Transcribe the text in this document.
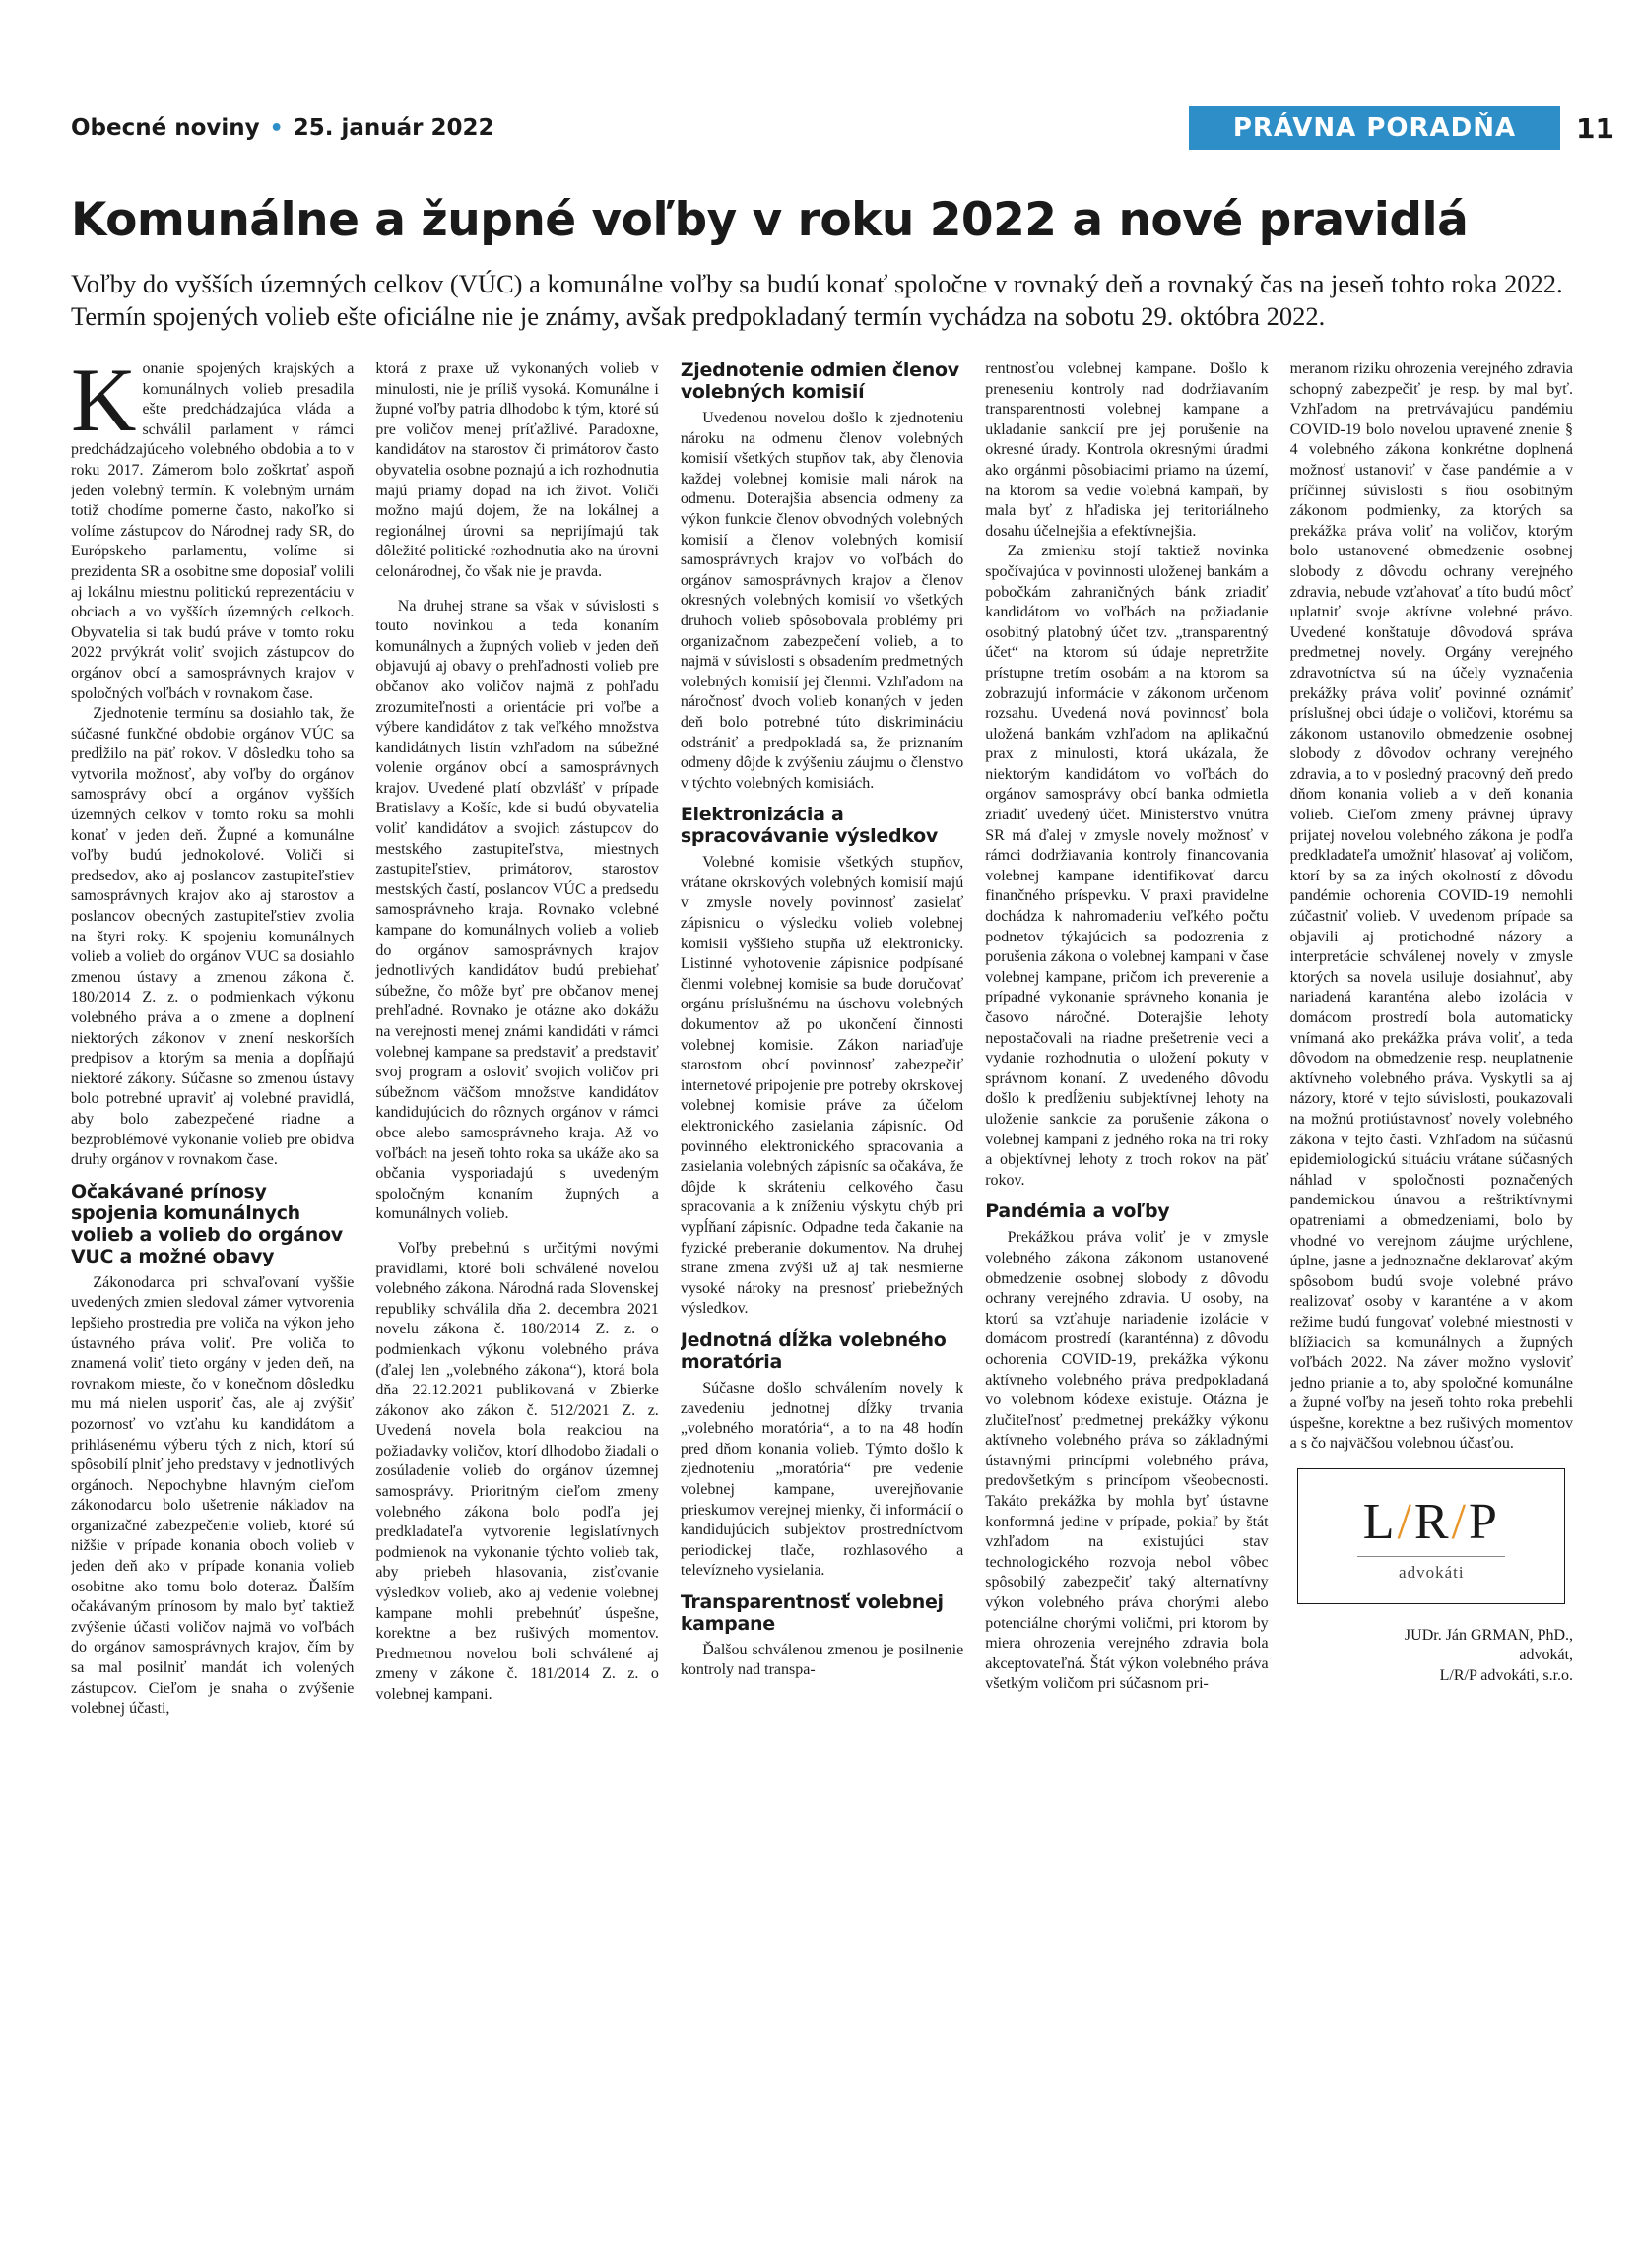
Obecné noviny • 25. január 2022	PRÁVNA PORADŇA	11
Komunálne a župné voľby v roku 2022 a nové pravidlá

Voľby do vyšších územných celkov (VÚC) a komunálne voľby sa budú konať spoločne v rovnaký deň a rovnaký čas na jeseň tohto roka 2022. Termín spojených volieb ešte oficiálne nie je známy, avšak predpokladaný termín vychádza na sobotu 29. októbra 2022.

Konanie spojených krajských a komunálnych volieb presadila ešte predchádzajúca vláda a schválil parlament v rámci predchádzajúceho volebného obdobia a to v roku 2017. Zámerom bolo zoškrtať aspoň jeden volebný termín. K volebným urnám totiž chodíme pomerne často, nakoľko si volíme zástupcov do Národnej rady SR, do Európskeho parlamentu, volíme si prezidenta SR a osobitne sme doposiaľ volili aj lokálnu miestnu politickú reprezentáciu v obciach a vo vyšších územných celkoch. Obyvatelia si tak budú práve v tomto roku 2022 prvýkrát voliť svojich zástupcov do orgánov obcí a samosprávnych krajov v spoločných voľbách v rovnakom čase.

Zjednotenie termínu sa dosiahlo tak, že súčasné funkčné obdobie orgánov VÚC sa predĺžilo na päť rokov. V dôsledku toho sa vytvorila možnosť, aby voľby do orgánov samosprávy obcí a orgánov vyšších územných celkov v tomto roku sa mohli konať v jeden deň. Župné a komunálne voľby budú jednokolové. Voliči si predsedov, ako aj poslancov zastupiteľstiev samosprávnych krajov ako aj starostov a poslancov obecných zastupiteľstiev zvolia na štyri roky. K spojeniu komunálnych volieb a volieb do orgánov VUC sa dosiahlo zmenou ústavy a zmenou zákona č. 180/2014 Z. z. o podmienkach výkonu volebného práva a o zmene a doplnení niektorých zákonov v znení neskorších predpisov a ktorým sa menia a dopĺňajú niektoré zákony. Súčasne so zmenou ústavy bolo potrebné upraviť aj volebné pravidlá, aby bolo zabezpečené riadne a bezproblémové vykonanie volieb pre obidva druhy orgánov v rovnakom čase.

Očakávané prínosy spojenia komunálnych volieb a volieb do orgánov VUC a možné obavy

Zákonodarca pri schvaľovaní vyššie uvedených zmien sledoval zámer vytvorenia lepšieho prostredia pre voliča na výkon jeho ústavného práva voliť. Pre voliča to znamená voliť tieto orgány v jeden deň, na rovnakom mieste, čo v konečnom dôsledku mu má nielen usporiť čas, ale aj zvýšiť pozornosť vo vzťahu ku kandidátom a prihlásenému výberu tých z nich, ktorí sú spôsobilí plniť jeho predstavy v jednotlivých orgánoch. Nepochybne hlavným cieľom zákonodarcu bolo ušetrenie nákladov na organizačné zabezpečenie volieb, ktoré sú nižšie v prípade konania oboch volieb v jeden deň ako v prípade konania volieb osobitne ako tomu bolo doteraz. Ďalším očakávaným prínosom by malo byť taktiež zvýšenie účasti voličov najmä vo voľbách do orgánov samosprávnych krajov, čím by sa mal posilniť mandát ich volených zástupcov. Cieľom je snaha o zvýšenie volebnej účasti,

ktorá z praxe už vykonaných volieb v minulosti, nie je príliš vysoká. Komunálne i župné voľby patria dlhodobo k tým, ktoré sú pre voličov menej príťažlivé. Paradoxne, kandidátov na starostov či primátorov často obyvatelia osobne poznajú a ich rozhodnutia majú priamy dopad na ich život. Voliči možno majú dojem, že na lokálnej a regionálnej úrovni sa neprijímajú tak dôležité politické rozhodnutia ako na úrovni celonárodnej, čo však nie je pravda.

Na druhej strane sa však v súvislosti s touto novinkou a teda konaním komunálnych a župných volieb v jeden deň objavujú aj obavy o prehľadnosti volieb pre občanov ako voličov najmä z pohľadu zrozumiteľnosti a orientácie pri voľbe a výbere kandidátov z tak veľkého množstva kandidátnych listín vzhľadom na súbežné volenie orgánov obcí a samosprávnych krajov. Uvedené platí obzvlášť v prípade Bratislavy a Košíc, kde si budú obyvatelia voliť kandidátov a svojich zástupcov do mestského zastupiteľstva, miestnych zastupiteľstiev, primátorov, starostov mestských častí, poslancov VÚC a predsedu samosprávneho kraja. Rovnako volebné kampane do komunálnych volieb a volieb do orgánov samosprávnych krajov jednotlivých kandidátov budú prebiehať súbežne, čo môže byť pre občanov menej prehľadné. Rovnako je otázne ako dokážu na verejnosti menej známi kandidáti v rámci volebnej kampane sa predstaviť a predstaviť svoj program a osloviť svojich voličov pri súbežnom väčšom množstve kandidátov kandidujúcich do rôznych orgánov v rámci obce alebo samosprávneho kraja. Až vo voľbách na jeseň tohto roka sa ukáže ako sa občania vysporiadajú s uvedeným spoločným konaním župných a komunálnych volieb.

Voľby prebehnú s určitými novými pravidlami, ktoré boli schválené novelou volebného zákona. Národná rada Slovenskej republiky schválila dňa 2. decembra 2021 novelu zákona č. 180/2014 Z. z. o podmienkach výkonu volebného práva (ďalej len „volebného zákona“), ktorá bola dňa 22.12.2021 publikovaná v Zbierke zákonov ako zákon č. 512/2021 Z. z. Uvedená novela bola reakciou na požiadavky voličov, ktorí dlhodobo žiadali o zosúladenie volieb do orgánov územnej samosprávy. Prioritným cieľom zmeny volebného zákona bolo podľa jej predkladateľa vytvorenie legislatívnych podmienok na vykonanie týchto volieb tak, aby priebeh hlasovania, zisťovanie výsledkov volieb, ako aj vedenie volebnej kampane mohli prebehnúť úspešne, korektne a bez rušivých momentov. Predmetnou novelou boli schválené aj zmeny v zákone č. 181/2014 Z. z. o volebnej kampani.

Zjednotenie odmien členov volebných komisií

Uvedenou novelou došlo k zjednoteniu nároku na odmenu členov volebných komisií všetkých stupňov tak, aby členovia každej volebnej komisie mali nárok na odmenu. Doterajšia absencia odmeny za výkon funkcie členov obvodných volebných komisií a členov volebných komisií samosprávnych krajov vo voľbách do orgánov samosprávnych krajov a členov okresných volebných komisií vo všetkých druhoch volieb spôsobovala problémy pri organizačnom zabezpečení volieb, a to najmä v súvislosti s obsadením predmetných volebných komisií jej členmi. Vzhľadom na náročnosť dvoch volieb konaných v jeden deň bolo potrebné túto diskrimináciu odstrániť a predpokladá sa, že priznaním odmeny dôjde k zvýšeniu záujmu o členstvo v týchto volebných komisiách.

Elektronizácia a spracovávanie výsledkov

Volebné komisie všetkých stupňov, vrátane okrskových volebných komisií majú v zmysle novely povinnosť zasielať zápisnicu o výsledku volieb volebnej komisii vyššieho stupňa už elektronicky. Listinné vyhotovenie zápisnice podpísané členmi volebnej komisie sa bude doručovať orgánu príslušnému na úschovu volebných dokumentov až po ukončení činnosti volebnej komisie. Zákon nariaďuje starostom obcí povinnosť zabezpečiť internetové pripojenie pre potreby okrskovej volebnej komisie práve za účelom elektronického zasielania zápisníc. Od povinného elektronického spracovania a zasielania volebných zápisníc sa očakáva, že dôjde k skráteniu celkového času spracovania a k zníženiu výskytu chýb pri vypĺňaní zápisníc. Odpadne teda čakanie na fyzické preberanie dokumentov. Na druhej strane zmena zvýši už aj tak nesmierne vysoké nároky na presnosť priebežných výsledkov.

Jednotná dĺžka volebného moratória

Súčasne došlo schválením novely k zavedeniu jednotnej dĺžky trvania „volebného moratória“, a to na 48 hodín pred dňom konania volieb. Týmto došlo k zjednoteniu „moratória“ pre vedenie volebnej kampane, uverejňovanie prieskumov verejnej mienky, či informácií o kandidujúcich subjektov prostredníctvom periodickej tlače, rozhlasového a televízneho vysielania.

Transparentnosť volebnej kampane

Ďalšou schválenou zmenou je posilnenie kontroly nad transpa-

rentnosťou volebnej kampane. Došlo k preneseniu kontroly nad dodržiavaním transparentnosti volebnej kampane a ukladanie sankcií pre jej porušenie na okresné úrady. Kontrola okresnými úradmi ako orgánmi pôsobiacimi priamo na území, na ktorom sa vedie volebná kampaň, by mala byť z hľadiska jej teritoriálneho dosahu účelnejšia a efektívnejšia.

Za zmienku stojí taktiež novinka spočívajúca v povinnosti uloženej bankám a pobočkám zahraničných bánk zriadiť kandidátom vo voľbách na požiadanie osobitný platobný účet tzv. „transparentný účet“ na ktorom sú údaje nepretržite prístupne tretím osobám a na ktorom sa zobrazujú informácie v zákonom určenom rozsahu. Uvedená nová povinnosť bola uložená bankám vzhľadom na aplikačnú prax z minulosti, ktorá ukázala, že niektorým kandidátom vo voľbách do orgánov samosprávy obcí banka odmietla zriadiť uvedený účet. Ministerstvo vnútra SR má ďalej v zmysle novely možnosť v rámci dodržiavania kontroly financovania volebnej kampane identifikovať darcu finančného príspevku. V praxi pravidelne dochádza k nahromadeniu veľkého počtu podnetov týkajúcich sa podozrenia z porušenia zákona o volebnej kampani v čase volebnej kampane, pričom ich preverenie a prípadné vykonanie správneho konania je časovo náročné. Doterajšie lehoty nepostačovali na riadne prešetrenie veci a vydanie rozhodnutia o uložení pokuty v správnom konaní. Z uvedeného dôvodu došlo k predĺženiu subjektívnej lehoty na uloženie sankcie za porušenie zákona o volebnej kampani z jedného roka na tri roky a objektívnej lehoty z troch rokov na päť rokov.

Pandémia a voľby

Prekážkou práva voliť je v zmysle volebného zákona zákonom ustanovené obmedzenie osobnej slobody z dôvodu ochrany verejného zdravia. U osoby, na ktorú sa vzťahuje nariadenie izolácie v domácom prostredí (karanténna) z dôvodu ochorenia COVID-19, prekážka výkonu aktívneho volebného práva predpokladaná vo volebnom kódexe existuje. Otázna je zlučiteľnosť predmetnej prekážky výkonu aktívneho volebného práva so základnými ústavnými princípmi volebného práva, predovšetkým s princípom všeobecnosti. Takáto prekážka by mohla byť ústavne konformná jedine v prípade, pokiaľ by štát vzhľadom na existujúci stav technologického rozvoja nebol vôbec spôsobilý zabezpečiť taký alternatívny výkon volebného práva chorými alebo potenciálne chorými voličmi, pri ktorom by miera ohrozenia verejného zdravia bola akceptovateľná. Štát výkon volebného práva všetkým voličom pri súčasnom pri-

meranom riziku ohrozenia verejného zdravia schopný zabezpečiť je resp. by mal byť. Vzhľadom na pretrvávajúcu pandémiu COVID-19 bolo novelou upravené znenie § 4 volebného zákona konkrétne doplnená možnosť ustanoviť v čase pandémie a v príčinnej súvislosti s ňou osobitným zákonom podmienky, za ktorých sa prekážka práva voliť na voličov, ktorým bolo ustanovené obmedzenie osobnej slobody z dôvodu ochrany verejného zdravia, nebude vzťahovať a títo budú môcť uplatniť svoje aktívne volebné právo. Uvedené konštatuje dôvodová správa predmetnej novely. Orgány verejného zdravotníctva sú na účely vyznačenia prekážky práva voliť povinné oznámiť príslušnej obci údaje o voličovi, ktorému sa zákonom ustanovilo obmedzenie osobnej slobody z dôvodov ochrany verejného zdravia, a to v posledný pracovný deň predo dňom konania volieb a v deň konania volieb. Cieľom zmeny právnej úpravy prijatej novelou volebného zákona je podľa predkladateľa umožniť hlasovať aj voličom, ktorí by sa za iných okolností z dôvodu pandémie ochorenia COVID-19 nemohli zúčastniť volieb. V uvedenom prípade sa objavili aj protichodné názory a interpretácie schválenej novely v zmysle ktorých sa novela usiluje dosiahnuť, aby nariadená karanténa alebo izolácia v domácom prostredí bola automaticky vnímaná ako prekážka práva voliť, a teda dôvodom na obmedzenie resp. neuplatnenie aktívneho volebného práva. Vyskytli sa aj názory, ktoré v tejto súvislosti, poukazovali na možnú protiústavnosť novely volebného zákona v tejto časti. Vzhľadom na súčasnú epidemiologickú situáciu vrátane súčasných náhlad v spoločnosti poznačených pandemickou únavou a reštriktívnymi opatreniami a obmedzeniami, bolo by vhodné vo verejnom záujme urýchlene, úplne, jasne a jednoznačne deklarovať akým spôsobom budú svoje volebné právo realizovať osoby v karanténe a v akom režime budú fungovať volebné miestnosti v blížiacich sa komunálnych a župných voľbách 2022. Na záver možno vysloviť jedno prianie a to, aby spoločné komunálne a župné voľby na jeseň tohto roka prebehli úspešne, korektne a bez rušivých momentov a s čo najväčšou volebnou účasťou.

L/R/P
advokáti
JUDr. Ján GRMAN, PhD.,
advokát,
L/R/P advokáti, s.r.o.
